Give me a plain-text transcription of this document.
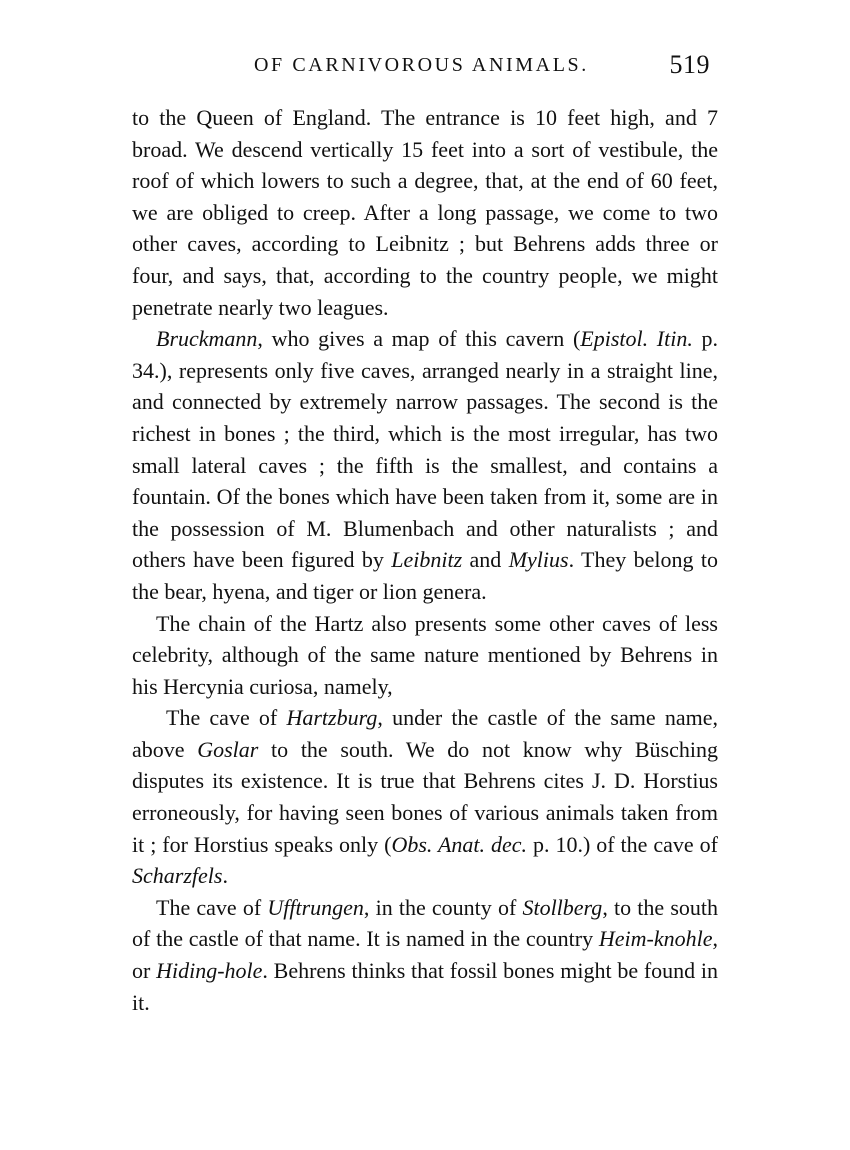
OF CARNIVOROUS ANIMALS.	519

to the Queen of England. The entrance is 10 feet high, and 7 broad. We descend vertically 15 feet into a sort of vestibule, the roof of which lowers to such a degree, that, at the end of 60 feet, we are obliged to creep. After a long passage, we come to two other caves, according to Leibnitz ; but Behrens adds three or four, and says, that, according to the country people, we might penetrate nearly two leagues.

Bruckmann, who gives a map of this cavern (Epistol. Itin. p. 34.), represents only five caves, arranged nearly in a straight line, and connected by extremely narrow passages. The second is the richest in bones ; the third, which is the most irregular, has two small lateral caves ; the fifth is the smallest, and contains a fountain. Of the bones which have been taken from it, some are in the possession of M. Blumenbach and other naturalists ; and others have been figured by Leibnitz and Mylius. They belong to the bear, hyena, and tiger or lion genera.

The chain of the Hartz also presents some other caves of less celebrity, although of the same nature mentioned by Behrens in his Hercynia curiosa, namely,

The cave of Hartzburg, under the castle of the same name, above Goslar to the south. We do not know why Büsching disputes its existence. It is true that Behrens cites J. D. Horstius erroneously, for having seen bones of various animals taken from it ; for Horstius speaks only (Obs. Anat. dec. p. 10.) of the cave of Scharzfels.

The cave of Ufftrungen, in the county of Stollberg, to the south of the castle of that name. It is named in the country Heim-knohle, or Hiding-hole. Behrens thinks that fossil bones might be found in it.
